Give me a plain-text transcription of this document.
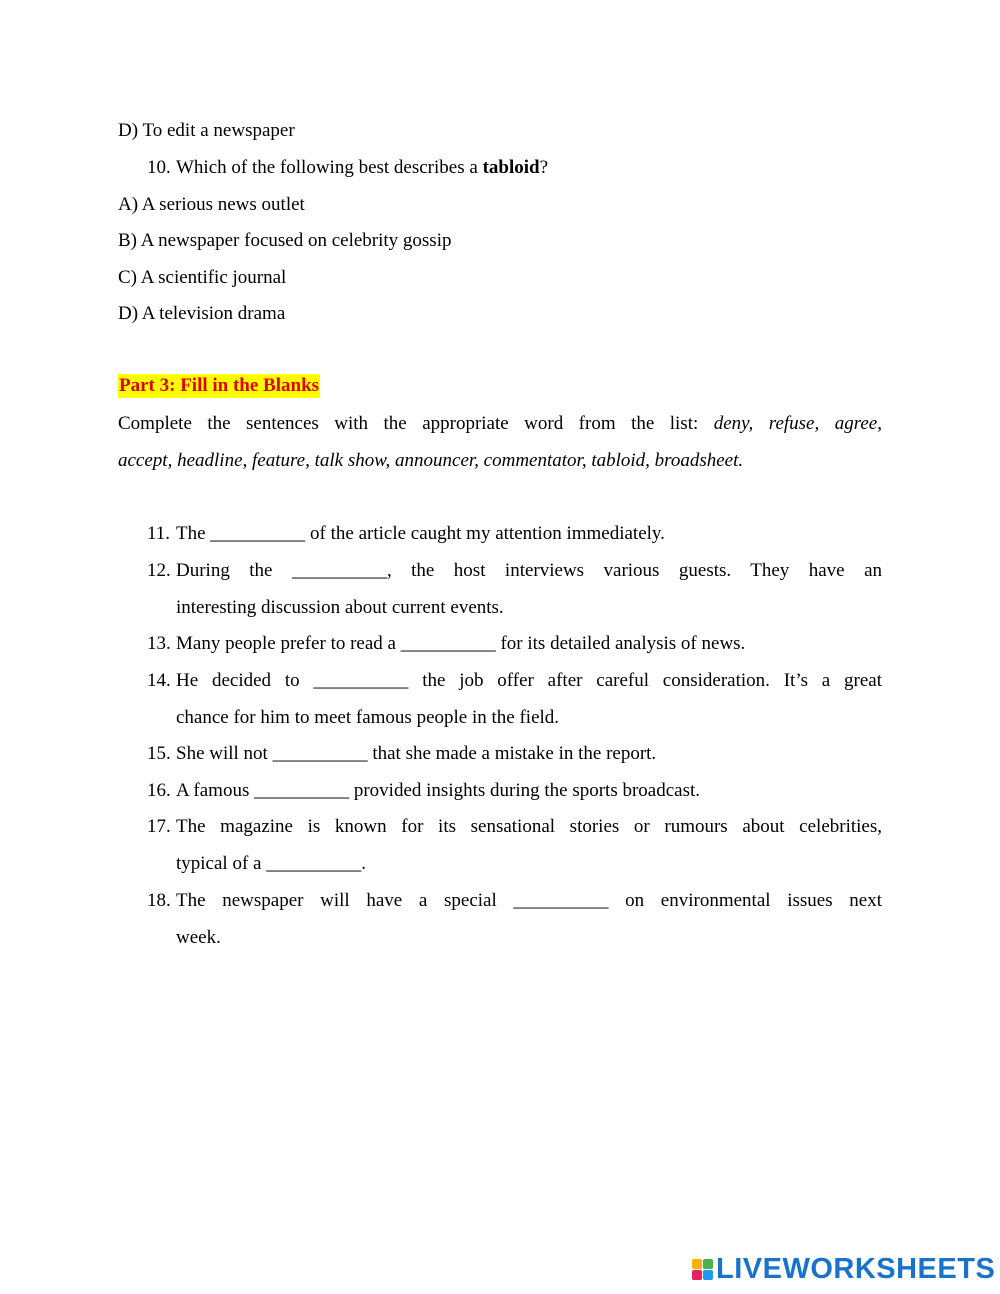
D) To edit a newspaper
10. Which of the following best describes a tabloid?
A) A serious news outlet
B) A newspaper focused on celebrity gossip
C) A scientific journal
D) A television drama
Part 3: Fill in the Blanks
Complete the sentences with the appropriate word from the list: deny, refuse, agree,
accept, headline, feature, talk show, announcer, commentator, tabloid, broadsheet.
11. The __________ of the article caught my attention immediately.
12. During the __________, the host interviews various guests. They have an
interesting discussion about current events.
13. Many people prefer to read a __________ for its detailed analysis of news.
14. He decided to __________ the job offer after careful consideration. It’s a great
chance for him to meet famous people in the field.
15. She will not __________ that she made a mistake in the report.
16. A famous __________ provided insights during the sports broadcast.
17. The magazine is known for its sensational stories or rumours about celebrities,
typical of a __________.
18. The newspaper will have a special __________ on environmental issues next
week.
LIVEWORKSHEETS
